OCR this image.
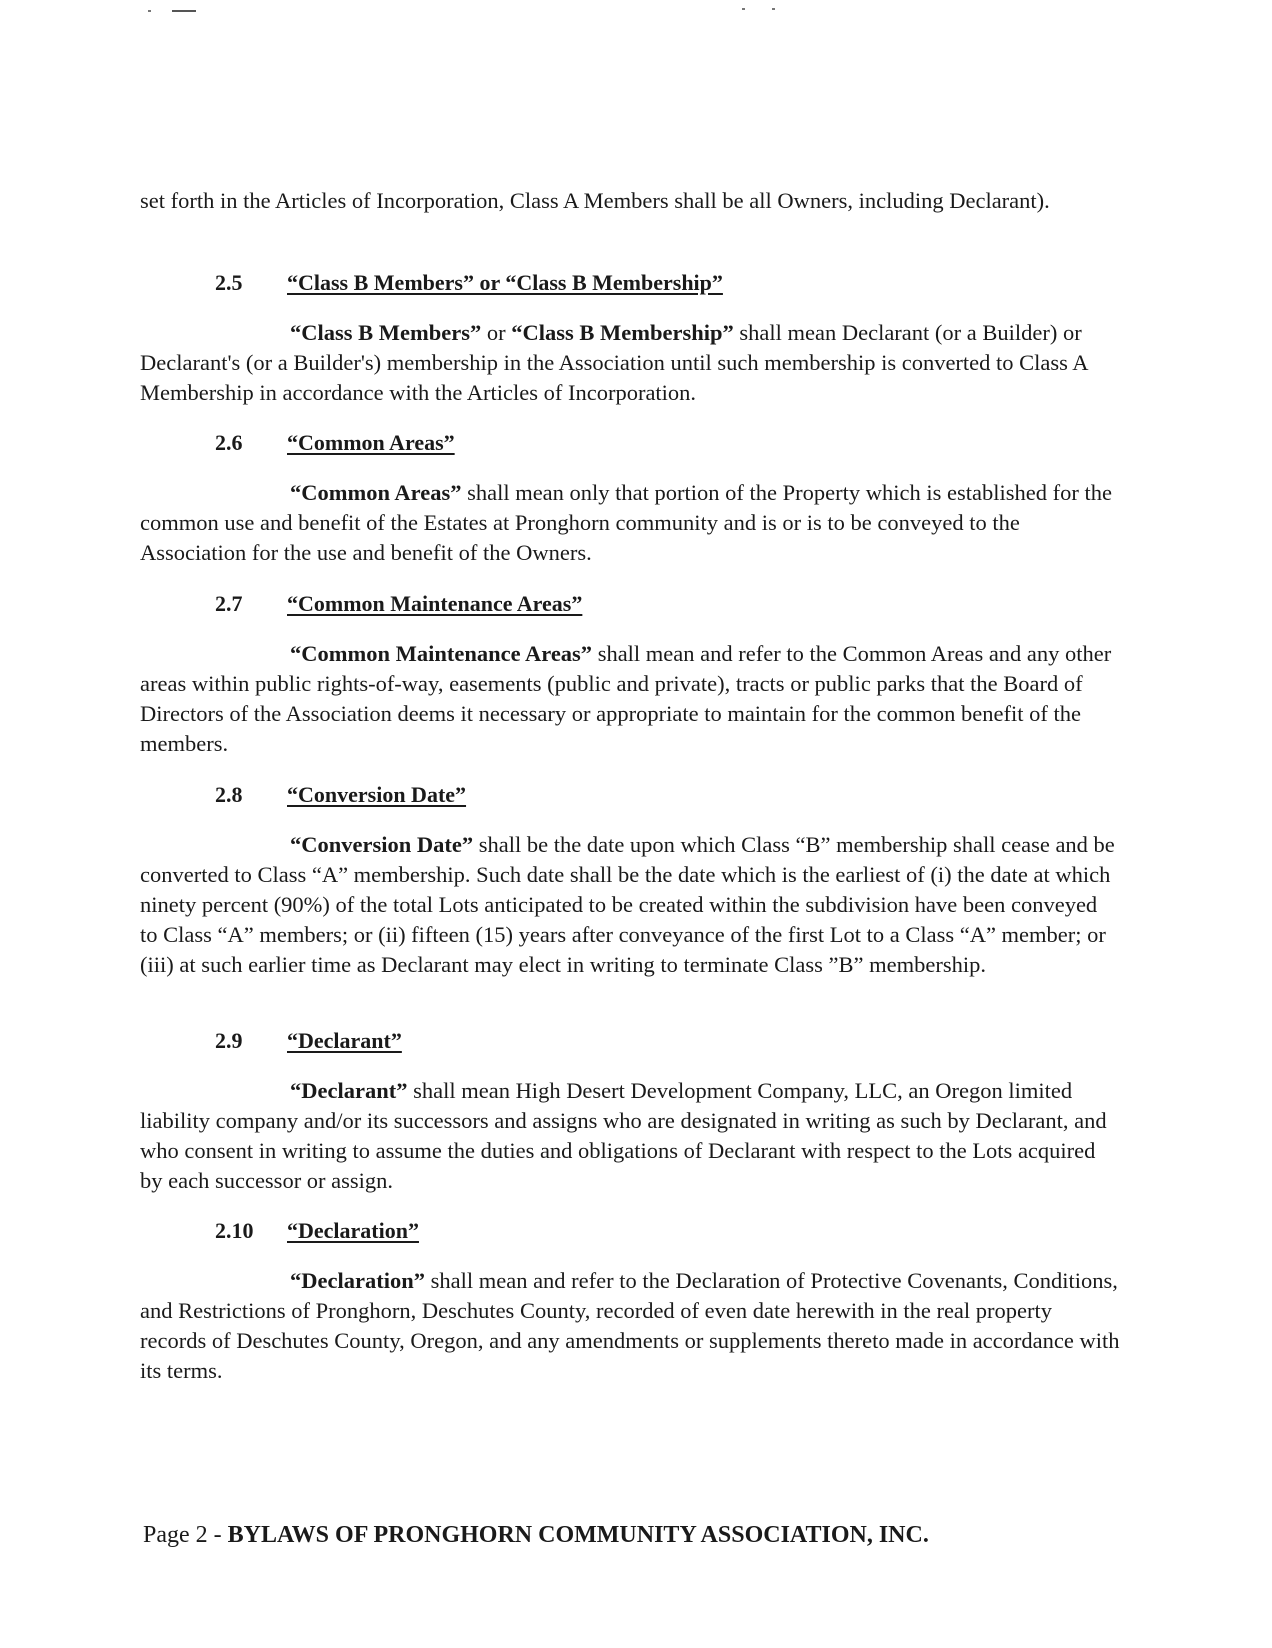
set forth in the Articles of Incorporation, Class A Members shall be all Owners, including Declarant).

2.5 “Class B Members” or “Class B Membership”

“Class B Members” or “Class B Membership” shall mean Declarant (or a Builder) or Declarant's (or a Builder's) membership in the Association until such membership is converted to Class A Membership in accordance with the Articles of Incorporation.

2.6 “Common Areas”

“Common Areas” shall mean only that portion of the Property which is established for the common use and benefit of the Estates at Pronghorn community and is or is to be conveyed to the Association for the use and benefit of the Owners.

2.7 “Common Maintenance Areas”

“Common Maintenance Areas” shall mean and refer to the Common Areas and any other areas within public rights-of-way, easements (public and private), tracts or public parks that the Board of Directors of the Association deems it necessary or appropriate to maintain for the common benefit of the members.

2.8 “Conversion Date”

“Conversion Date” shall be the date upon which Class “B” membership shall cease and be converted to Class “A” membership. Such date shall be the date which is the earliest of (i) the date at which ninety percent (90%) of the total Lots anticipated to be created within the subdivision have been conveyed to Class “A” members; or (ii) fifteen (15) years after conveyance of the first Lot to a Class “A” member; or (iii) at such earlier time as Declarant may elect in writing to terminate Class ”B” membership.

2.9 “Declarant”

“Declarant” shall mean High Desert Development Company, LLC, an Oregon limited liability company and/or its successors and assigns who are designated in writing as such by Declarant, and who consent in writing to assume the duties and obligations of Declarant with respect to the Lots acquired by each successor or assign.

2.10 “Declaration”

“Declaration” shall mean and refer to the Declaration of Protective Covenants, Conditions, and Restrictions of Pronghorn, Deschutes County, recorded of even date herewith in the real property records of Deschutes County, Oregon, and any amendments or supplements thereto made in accordance with its terms.

Page 2 - BYLAWS OF PRONGHORN COMMUNITY ASSOCIATION, INC.
